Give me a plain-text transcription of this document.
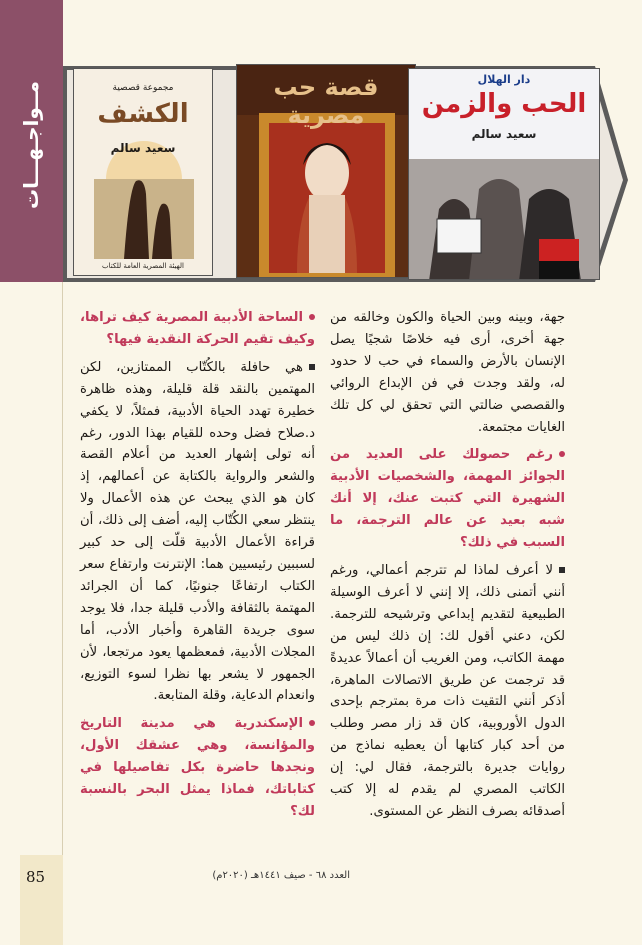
مــواجـهـــات
85
مجموعة قصصية
الكشف
سعيد سالم
الهيئة المصرية العامة للكتاب
قصة حب مصرية
دار الهلال
الحب والزمن
سعيد سالم

جهة، وبينه وبين الحياة والكون وخالقه من جهة أخرى، أرى فيه خلاصًا شجيًا يصل الإنسان بالأرض والسماء في حب لا حدود له، ولقد وجدت في فن الإبداع الروائي والقصصي ضالتي التي تحقق لي كل تلك الغايات مجتمعة.

رغم حصولك على العديد من الجوائز المهمة، والشخصيات الأدبية الشهيرة التي كتبت عنك، إلا أنك شبه بعيد عن عالم الترجمة، ما السبب في ذلك؟

لا أعرف لماذا لم تترجم أعمالي، ورغم أنني أتمنى ذلك، إلا إنني لا أعرف الوسيلة الطبيعية لتقديم إبداعي وترشيحه للترجمة. لكن، دعني أقول لك: إن ذلك ليس من مهمة الكاتب، ومن الغريب أن أعمالاً عديدةً قد ترجمت عن طريق الاتصالات الماهرة، أذكر أنني التقيت ذات مرة بمترجم بإحدى الدول الأوروبية، كان قد زار مصر وطلب من أحد كبار كتابها أن يعطيه نماذج من روايات جديرة بالترجمة، فقال لي: إن الكاتب المصري لم يقدم له إلا كتب أصدقائه بصرف النظر عن المستوى.

الساحة الأدبية المصرية كيف تراها، وكيف تقيم الحركة النقدية فيها؟

هي حافلة بالكُتّاب الممتازين، لكن المهتمين بالنقد قلة قليلة، وهذه ظاهرة خطيرة تهدد الحياة الأدبية، فمثلاً، لا يكفي د.صلاح فضل وحده للقيام بهذا الدور، رغم أنه تولى إشهار العديد من أعلام القصة والشعر والرواية بالكتابة عن أعمالهم، إذ كان هو الذي يبحث عن هذه الأعمال ولا ينتظر سعي الكُتّاب إليه، أضف إلى ذلك، أن قراءة الأعمال الأدبية قلّت إلى حد كبير لسببين رئيسيين هما: الإنترنت وارتفاع سعر الكتاب ارتفاعًا جنونيًا، كما أن الجرائد المهتمة بالثقافة والأدب قليلة جدا، فلا يوجد سوى جريدة القاهرة وأخبار الأدب، أما المجلات الأدبية، فمعظمها يعود مرتجعا، لأن الجمهور لا يشعر بها نظرا لسوء التوزيع، وانعدام الدعاية، وقلة المتابعة.

الإسكندرية هي مدينة التاريخ والمؤانسة، وهي عشقك الأول، ونجدها حاضرة بكل تفاصيلها في كتاباتك، فماذا يمثل البحر بالنسبة لك؟

العدد ٦٨ - صيف ١٤٤١هـ (٢٠٢٠م)
